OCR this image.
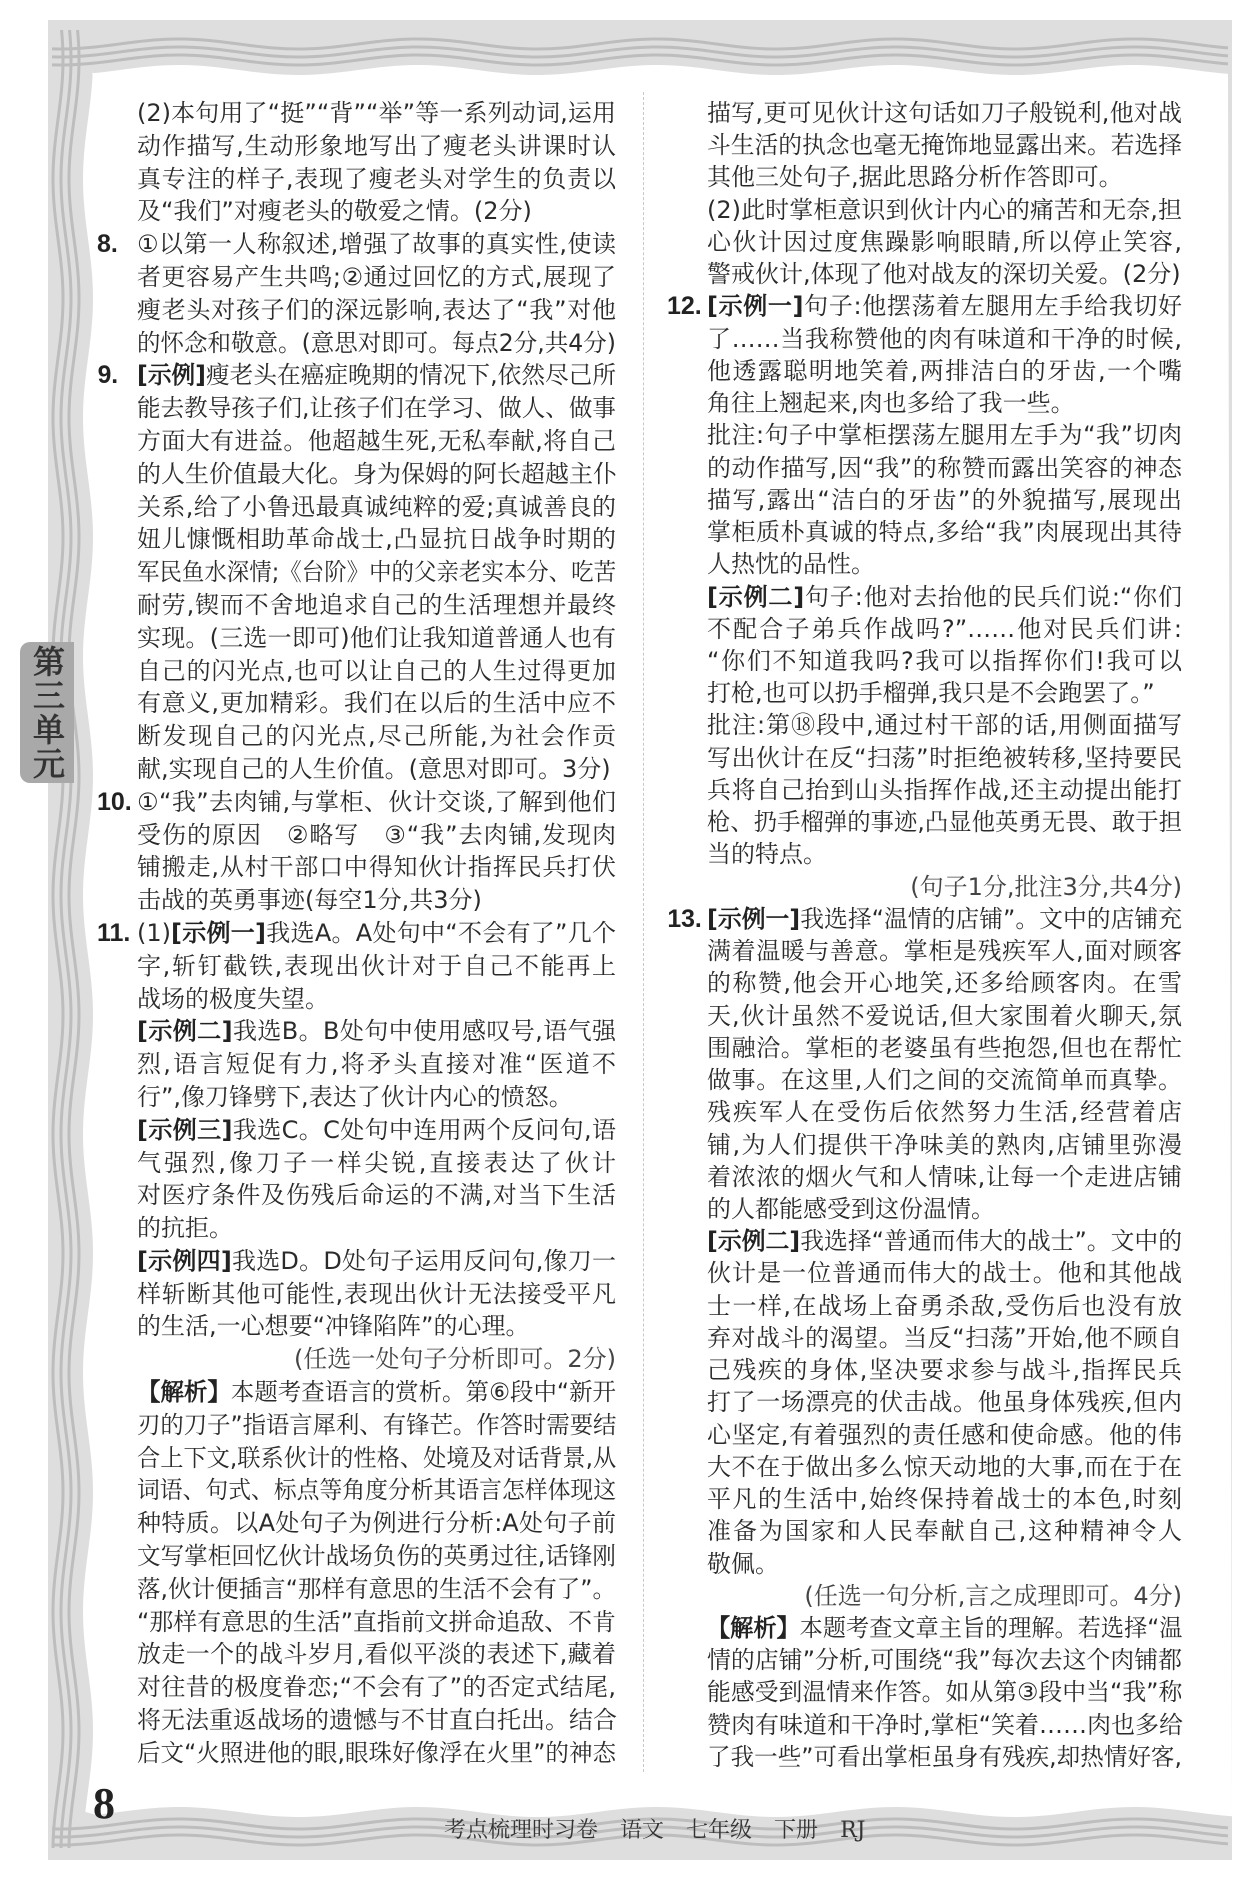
第三单元
(2)本句用了“挺”“背”“举”等一系列动词,运用
动作描写,生动形象地写出了瘦老头讲课时认
真专注的样子,表现了瘦老头对学生的负责以
及“我们”对瘦老头的敬爱之情。(2分)
8. ①以第一人称叙述,增强了故事的真实性,使读
者更容易产生共鸣;②通过回忆的方式,展现了
瘦老头对孩子们的深远影响,表达了“我”对他
的怀念和敬意。(意思对即可。每点2分,共4分)
9. [示例]瘦老头在癌症晚期的情况下,依然尽己所
能去教导孩子们,让孩子们在学习、做人、做事
方面大有进益。他超越生死,无私奉献,将自己
的人生价值最大化。身为保姆的阿长超越主仆
关系,给了小鲁迅最真诚纯粹的爱;真诚善良的
妞儿慷慨相助革命战士,凸显抗日战争时期的
军民鱼水深情;《台阶》中的父亲老实本分、吃苦
耐劳,锲而不舍地追求自己的生活理想并最终
实现。(三选一即可)他们让我知道普通人也有
自己的闪光点,也可以让自己的人生过得更加
有意义,更加精彩。我们在以后的生活中应不
断发现自己的闪光点,尽己所能,为社会作贡
献,实现自己的人生价值。(意思对即可。3分)
10. ①“我”去肉铺,与掌柜、伙计交谈,了解到他们
受伤的原因　②略写　③“我”去肉铺,发现肉
铺搬走,从村干部口中得知伙计指挥民兵打伏
击战的英勇事迹(每空1分,共3分)
11. (1)[示例一]我选A。A处句中“不会有了”几个
字,斩钉截铁,表现出伙计对于自己不能再上
战场的极度失望。
[示例二]我选B。B处句中使用感叹号,语气强
烈,语言短促有力,将矛头直接对准“医道不
行”,像刀锋劈下,表达了伙计内心的愤怒。
[示例三]我选C。C处句中连用两个反问句,语
气强烈,像刀子一样尖锐,直接表达了伙计
对医疗条件及伤残后命运的不满,对当下生活
的抗拒。
[示例四]我选D。D处句子运用反问句,像刀一
样斩断其他可能性,表现出伙计无法接受平凡
的生活,一心想要“冲锋陷阵”的心理。
(任选一处句子分析即可。2分)
【解析】本题考查语言的赏析。第⑥段中“新开
刃的刀子”指语言犀利、有锋芒。作答时需要结
合上下文,联系伙计的性格、处境及对话背景,从
词语、句式、标点等角度分析其语言怎样体现这
种特质。以A处句子为例进行分析:A处句子前
文写掌柜回忆伙计战场负伤的英勇过往,话锋刚
落,伙计便插言“那样有意思的生活不会有了”。
“那样有意思的生活”直指前文拼命追敌、不肯
放走一个的战斗岁月,看似平淡的表述下,藏着
对往昔的极度眷恋;“不会有了”的否定式结尾,
将无法重返战场的遗憾与不甘直白托出。结合
后文“火照进他的眼,眼珠好像浮在火里”的神态
描写,更可见伙计这句话如刀子般锐利,他对战
斗生活的执念也毫无掩饰地显露出来。若选择
其他三处句子,据此思路分析作答即可。
(2)此时掌柜意识到伙计内心的痛苦和无奈,担
心伙计因过度焦躁影响眼睛,所以停止笑容,
警戒伙计,体现了他对战友的深切关爱。(2分)
12. [示例一]句子:他摆荡着左腿用左手给我切好
了……当我称赞他的肉有味道和干净的时候,
他透露聪明地笑着,两排洁白的牙齿,一个嘴
角往上翘起来,肉也多给了我一些。
批注:句子中掌柜摆荡左腿用左手为“我”切肉
的动作描写,因“我”的称赞而露出笑容的神态
描写,露出“洁白的牙齿”的外貌描写,展现出
掌柜质朴真诚的特点,多给“我”肉展现出其待
人热忱的品性。
[示例二]句子:他对去抬他的民兵们说:“你们
不配合子弟兵作战吗?”……他对民兵们讲:
“你们不知道我吗?我可以指挥你们!我可以
打枪,也可以扔手榴弹,我只是不会跑罢了。”
批注:第⑱段中,通过村干部的话,用侧面描写
写出伙计在反“扫荡”时拒绝被转移,坚持要民
兵将自己抬到山头指挥作战,还主动提出能打
枪、扔手榴弹的事迹,凸显他英勇无畏、敢于担
当的特点。
(句子1分,批注3分,共4分)
13. [示例一]我选择“温情的店铺”。文中的店铺充
满着温暖与善意。掌柜是残疾军人,面对顾客
的称赞,他会开心地笑,还多给顾客肉。在雪
天,伙计虽然不爱说话,但大家围着火聊天,氛
围融洽。掌柜的老婆虽有些抱怨,但也在帮忙
做事。在这里,人们之间的交流简单而真挚。
残疾军人在受伤后依然努力生活,经营着店
铺,为人们提供干净味美的熟肉,店铺里弥漫
着浓浓的烟火气和人情味,让每一个走进店铺
的人都能感受到这份温情。
[示例二]我选择“普通而伟大的战士”。文中的
伙计是一位普通而伟大的战士。他和其他战
士一样,在战场上奋勇杀敌,受伤后也没有放
弃对战斗的渴望。当反“扫荡”开始,他不顾自
己残疾的身体,坚决要求参与战斗,指挥民兵
打了一场漂亮的伏击战。他虽身体残疾,但内
心坚定,有着强烈的责任感和使命感。他的伟
大不在于做出多么惊天动地的大事,而在于在
平凡的生活中,始终保持着战士的本色,时刻
准备为国家和人民奉献自己,这种精神令人
敬佩。
(任选一句分析,言之成理即可。4分)
【解析】本题考查文章主旨的理解。若选择“温
情的店铺”分析,可围绕“我”每次去这个肉铺都
能感受到温情来作答。如从第③段中当“我”称
赞肉有味道和干净时,掌柜“笑着……肉也多给
了我一些”可看出掌柜虽身有残疾,却热情好客,
8

考点梳理时习卷 语文 七年级 下册 RJ
